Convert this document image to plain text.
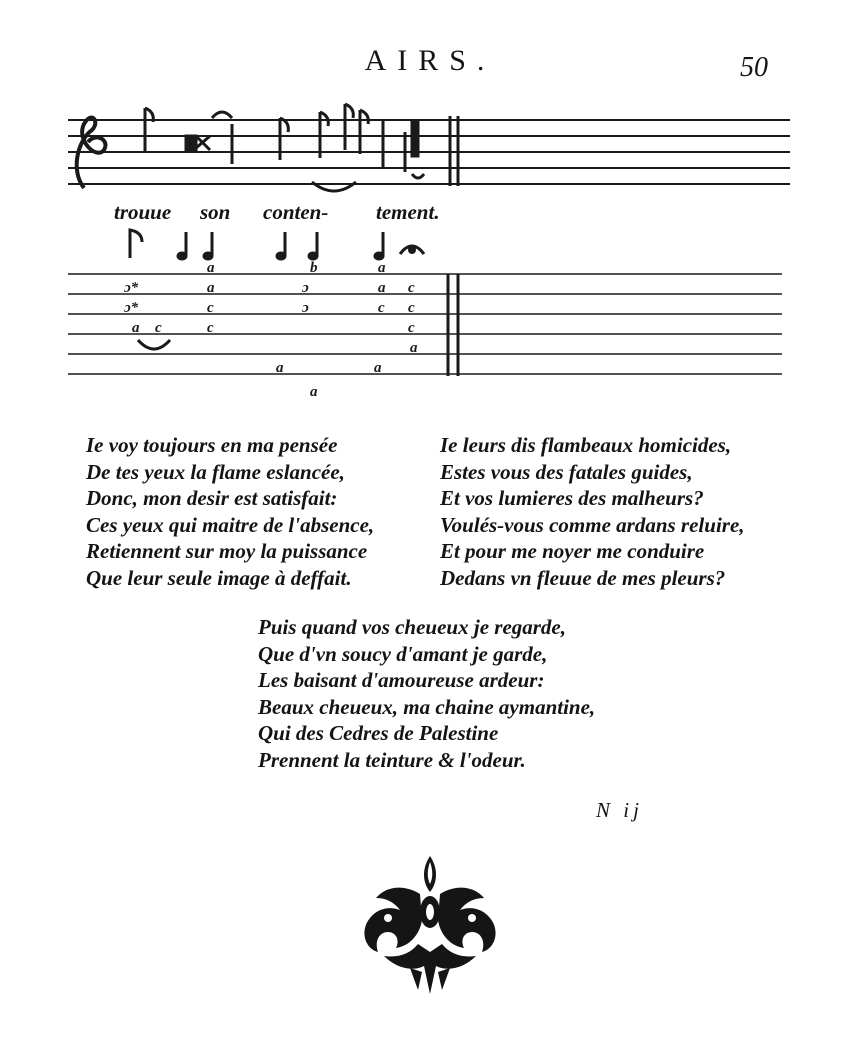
AIRS.	50
trouue son conten- tement.
a	b	a
ɔ*	a	ɔ	a c
ɔ*	c	ɔ	c c
a c	c	c
a
a	a
a
Ie voy toujours en ma pensée
De tes yeux la flame eslancée,
Donc, mon desir est satisfait:
Ces yeux qui maitre de l'absence,
Retiennent sur moy la puissance
Que leur seule image à deffait.
Ie leurs dis flambeaux homicides,
Estes vous des fatales guides,
Et vos lumieres des malheurs?
Voulés-vous comme ardans reluire,
Et pour me noyer me conduire
Dedans vn fleuue de mes pleurs?
Puis quand vos cheueux je regarde,
Que d'vn soucy d'amant je garde,
Les baisant d'amoureuse ardeur:
Beaux cheueux, ma chaine aymantine,
Qui des Cedres de Palestine
Prennent la teinture & l'odeur.
N ij
